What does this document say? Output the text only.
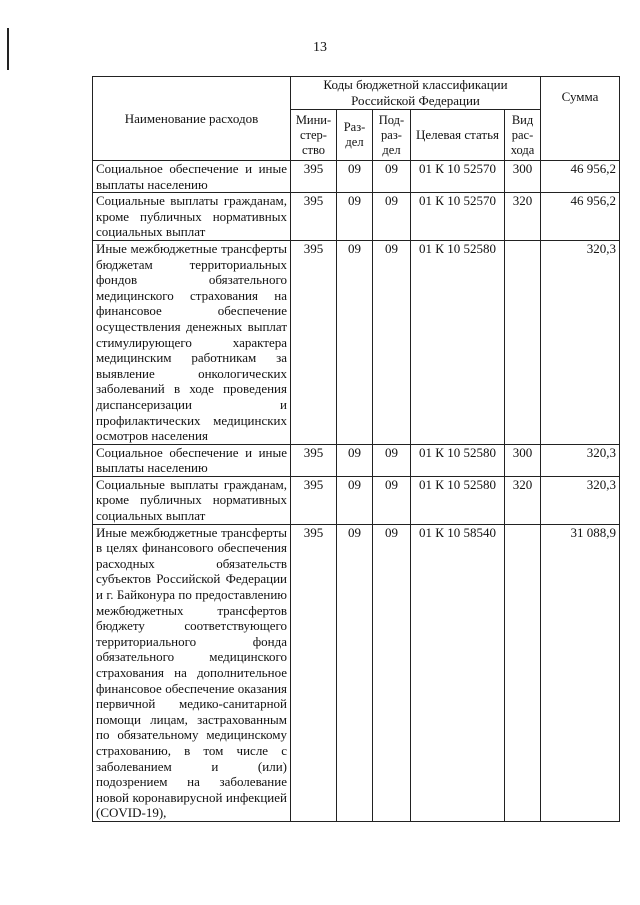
13
Наименование расходов	Коды бюджетной классификации Российской Федерации					Сумма
	Мини-стер-ство	Раз-дел	Под-раз-дел	Целевая статья	Вид рас-хода	
Социальное обеспечение и иные выплаты населению	395	09	09	01 К 10 52570	300	46 956,2
Социальные выплаты гражданам, кроме публичных нормативных социальных выплат	395	09	09	01 К 10 52570	320	46 956,2
Иные межбюджетные трансферты бюджетам территориальных фондов обязательного медицинского страхования на финансовое обеспечение осуществления денежных выплат стимулирующего характера медицинским работникам за выявление онкологических заболеваний в ходе проведения диспансеризации и профилактических медицинских осмотров населения	395	09	09	01 К 10 52580		320,3
Социальное обеспечение и иные выплаты населению	395	09	09	01 К 10 52580	300	320,3
Социальные выплаты гражданам, кроме публичных нормативных социальных выплат	395	09	09	01 К 10 52580	320	320,3
Иные межбюджетные трансферты в целях финансового обеспечения расходных обязательств субъектов Российской Федерации и г. Байконура по предоставлению межбюджетных трансфертов бюджету соответствующего территориального фонда обязательного медицинского страхования на дополнительное финансовое обеспечение оказания первичной медико-санитарной помощи лицам, застрахованным по обязательному медицинскому страхованию, в том числе с заболеванием и (или) подозрением на заболевание новой коронавирусной инфекцией (COVID-19),	395	09	09	01 К 10 58540		31 088,9
